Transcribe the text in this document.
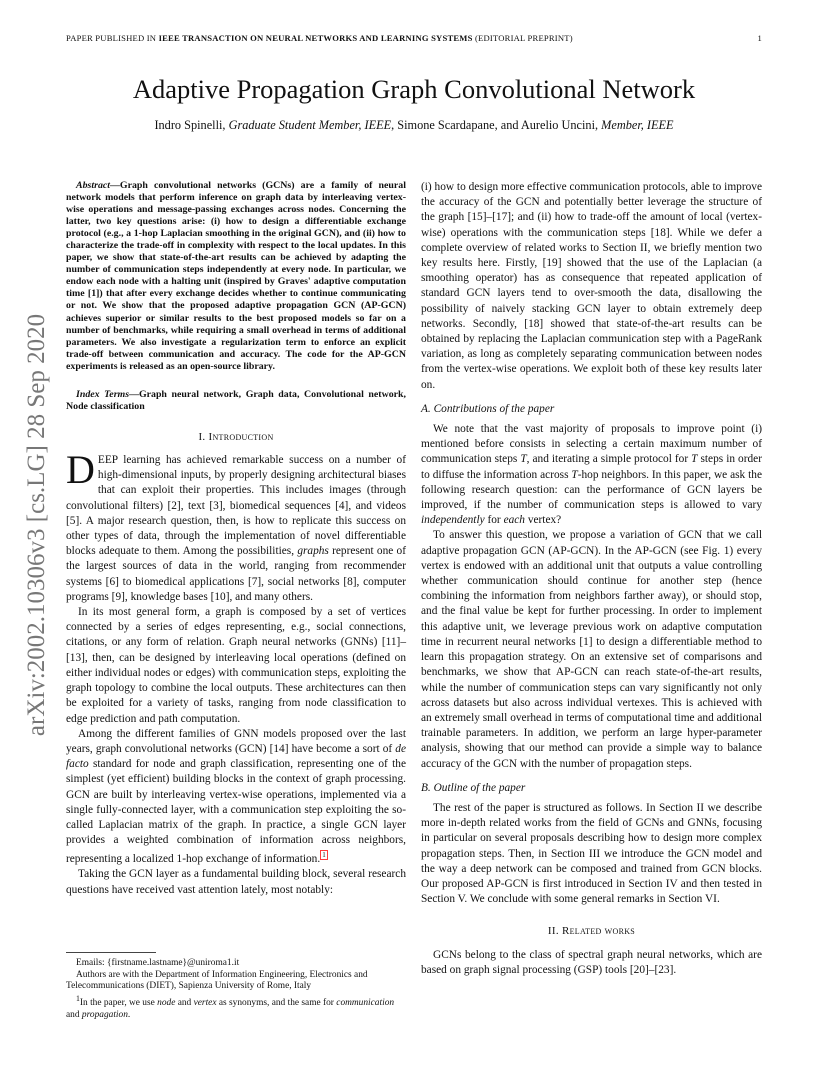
PAPER PUBLISHED IN IEEE TRANSACTION ON NEURAL NETWORKS AND LEARNING SYSTEMS (EDITORIAL PREPRINT)	1
Adaptive Propagation Graph Convolutional Network
Indro Spinelli, Graduate Student Member, IEEE, Simone Scardapane, and Aurelio Uncini, Member, IEEE
arXiv:2002.10306v3 [cs.LG] 28 Sep 2020

Abstract—Graph convolutional networks (GCNs) are a family of neural network models that perform inference on graph data by interleaving vertex-wise operations and message-passing exchanges across nodes. Concerning the latter, two key questions arise: (i) how to design a differentiable exchange protocol (e.g., a 1-hop Laplacian smoothing in the original GCN), and (ii) how to characterize the trade-off in complexity with respect to the local updates. In this paper, we show that state-of-the-art results can be achieved by adapting the number of communication steps independently at every node. In particular, we endow each node with a halting unit (inspired by Graves' adaptive computation time [1]) that after every exchange decides whether to continue communicating or not. We show that the proposed adaptive propagation GCN (AP-GCN) achieves superior or similar results to the best proposed models so far on a number of benchmarks, while requiring a small overhead in terms of additional parameters. We also investigate a regularization term to enforce an explicit trade-off between communication and accuracy. The code for the AP-GCN experiments is released as an open-source library.

Index Terms—Graph neural network, Graph data, Convolutional network, Node classification

I. Introduction

DEEP learning has achieved remarkable success on a number of high-dimensional inputs, by properly designing architectural biases that can exploit their properties. This includes images (through convolutional filters) [2], text [3], biomedical sequences [4], and videos [5]. A major research question, then, is how to replicate this success on other types of data, through the implementation of novel differentiable blocks adequate to them. Among the possibilities, graphs represent one of the largest sources of data in the world, ranging from recommender systems [6] to biomedical applications [7], social networks [8], computer programs [9], knowledge bases [10], and many others.

In its most general form, a graph is composed by a set of vertices connected by a series of edges representing, e.g., social connections, citations, or any form of relation. Graph neural networks (GNNs) [11]–[13], then, can be designed by interleaving local operations (defined on either individual nodes or edges) with communication steps, exploiting the graph topology to combine the local outputs. These architectures can then be exploited for a variety of tasks, ranging from node classification to edge prediction and path computation.

Among the different families of GNN models proposed over the last years, graph convolutional networks (GCN) [14] have become a sort of de facto standard for node and graph classification, representing one of the simplest (yet efficient) building blocks in the context of graph processing. GCN are built by interleaving vertex-wise operations, implemented via a single fully-connected layer, with a communication step exploiting the so-called Laplacian matrix of the graph. In practice, a single GCN layer provides a weighted combination of information across neighbors, representing a localized 1-hop exchange of information. $^1$

Taking the GCN layer as a fundamental building block, several research questions have received vast attention lately, most notably:

Emails: {firstname.lastname}@uniroma1.it

Authors are with the Department of Information Engineering, Electronics and Telecommunications (DIET), Sapienza University of Rome, Italy

$^1$In the paper, we use node and vertex as synonyms, and the same for communication and propagation.

(i) how to design more effective communication protocols, able to improve the accuracy of the GCN and potentially better leverage the structure of the graph [15]–[17]; and (ii) how to trade-off the amount of local (vertex-wise) operations with the communication steps [18]. While we defer a complete overview of related works to Section II, we briefly mention two key results here. Firstly, [19] showed that the use of the Laplacian (a smoothing operator) has as consequence that repeated application of standard GCN layers tend to over-smooth the data, disallowing the possibility of naively stacking GCN layer to obtain extremely deep networks. Secondly, [18] showed that state-of-the-art results can be obtained by replacing the Laplacian communication step with a PageRank variation, as long as completely separating communication between nodes from the vertex-wise operations. We exploit both of these key results later on.

A. Contributions of the paper

We note that the vast majority of proposals to improve point (i) mentioned before consists in selecting a certain maximum number of communication steps T, and iterating a simple protocol for T steps in order to diffuse the information across T-hop neighbors. In this paper, we ask the following research question: can the performance of GCN layers be improved, if the number of communication steps is allowed to vary independently for each vertex?

To answer this question, we propose a variation of GCN that we call adaptive propagation GCN (AP-GCN). In the AP-GCN (see Fig. 1) every vertex is endowed with an additional unit that outputs a value controlling whether communication should continue for another step (hence combining the information from neighbors farther away), or should stop, and the final value be kept for further processing. In order to implement this adaptive unit, we leverage previous work on adaptive computation time in recurrent neural networks [1] to design a differentiable method to learn this propagation strategy. On an extensive set of comparisons and benchmarks, we show that AP-GCN can reach state-of-the-art results, while the number of communication steps can vary significantly not only across datasets but also across individual vertexes. This is achieved with an extremely small overhead in terms of computational time and additional trainable parameters. In addition, we perform an large hyper-parameter analysis, showing that our method can provide a simple way to balance accuracy of the GCN with the number of propagation steps.

B. Outline of the paper

The rest of the paper is structured as follows. In Section II we describe more in-depth related works from the field of GCNs and GNNs, focusing in particular on several proposals describing how to design more complex propagation steps. Then, in Section III we introduce the GCN model and the way a deep network can be composed and trained from GCN blocks. Our proposed AP-GCN is first introduced in Section IV and then tested in Section V. We conclude with some general remarks in Section VI.

II. Related works

GCNs belong to the class of spectral graph neural networks, which are based on graph signal processing (GSP) tools [20]–[23].
